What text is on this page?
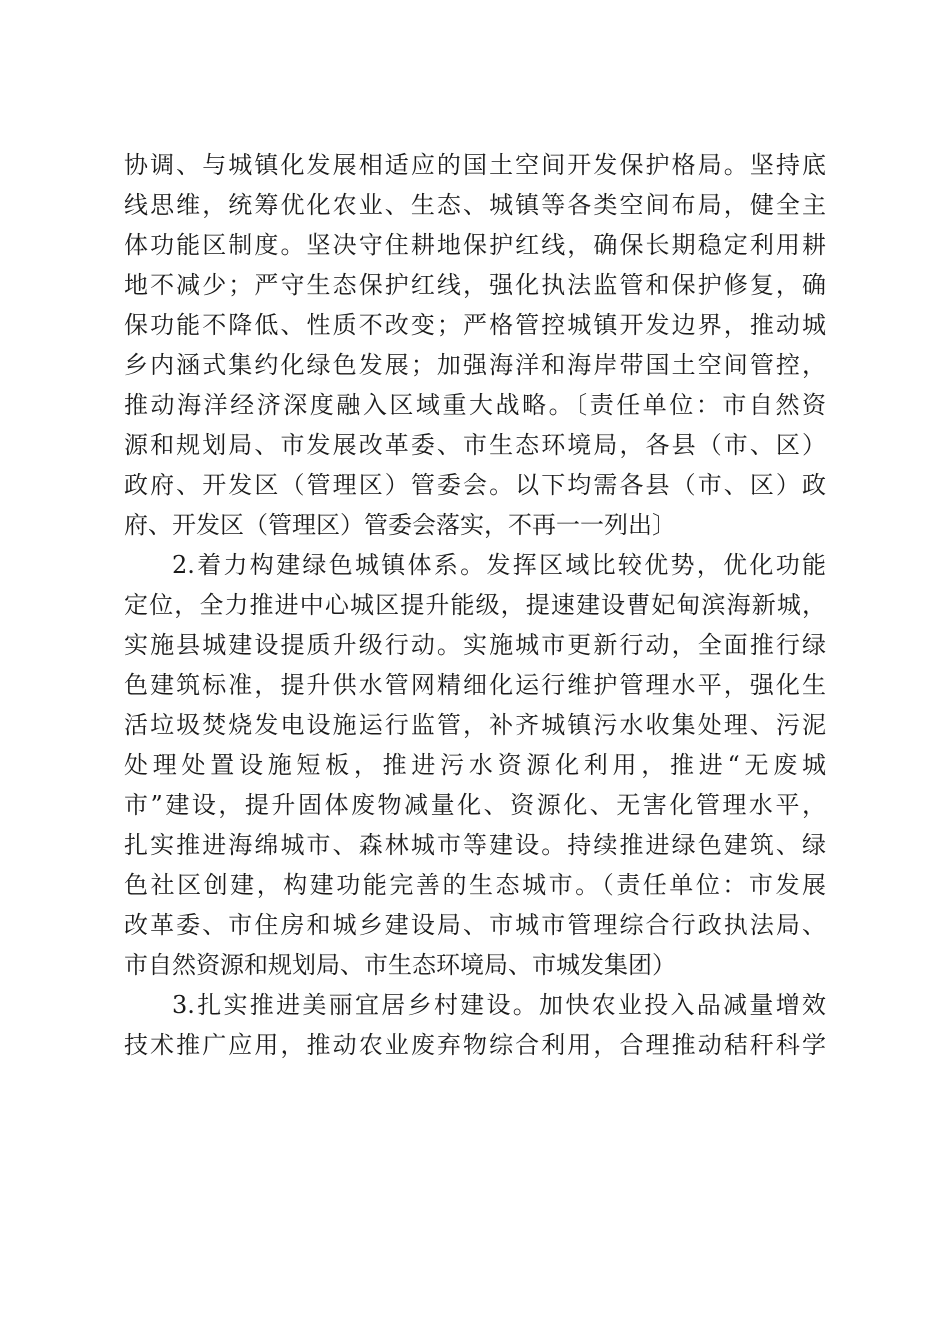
协调、与城镇化发展相适应的国土空间开发保护格局。坚持底
线思维，统筹优化农业、生态、城镇等各类空间布局，健全主
体功能区制度。坚决守住耕地保护红线，确保长期稳定利用耕
地不减少；严守生态保护红线，强化执法监管和保护修复，确
保功能不降低、性质不改变；严格管控城镇开发边界，推动城
乡内涵式集约化绿色发展；加强海洋和海岸带国土空间管控，
推动海洋经济深度融入区域重大战略。〔责任单位：市自然资
源和规划局、市发展改革委、市生态环境局，各县（市、区）
政府、开发区（管理区）管委会。以下均需各县（市、区）政
府、开发区（管理区）管委会落实，不再一一列出〕
2.着力构建绿色城镇体系。发挥区域比较优势，优化功能
定位，全力推进中心城区提升能级，提速建设曹妃甸滨海新城，
实施县城建设提质升级行动。实施城市更新行动，全面推行绿
色建筑标准，提升供水管网精细化运行维护管理水平，强化生
活垃圾焚烧发电设施运行监管，补齐城镇污水收集处理、污泥
处理处置设施短板，推进污水资源化利用，推进“无废城
市”建设，提升固体废物减量化、资源化、无害化管理水平，
扎实推进海绵城市、森林城市等建设。持续推进绿色建筑、绿
色社区创建，构建功能完善的生态城市。（责任单位：市发展
改革委、市住房和城乡建设局、市城市管理综合行政执法局、
市自然资源和规划局、市生态环境局、市城发集团）
3.扎实推进美丽宜居乡村建设。加快农业投入品减量增效
技术推广应用，推动农业废弃物综合利用，合理推动秸秆科学
